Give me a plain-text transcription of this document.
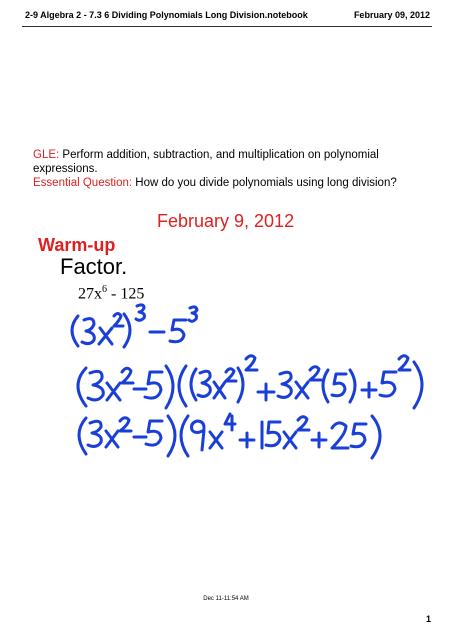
2-9 Algebra 2 - 7.3 6 Dividing Polynomials Long Division.notebook	February 09, 2012
GLE: Perform addition, subtraction, and multiplication on polynomial expressions.
Essential Question: How do you divide polynomials using long division?
February 9, 2012
Warm-up
Factor.
$27x^6 - 125$
Dec 11-11:54 AM
1
